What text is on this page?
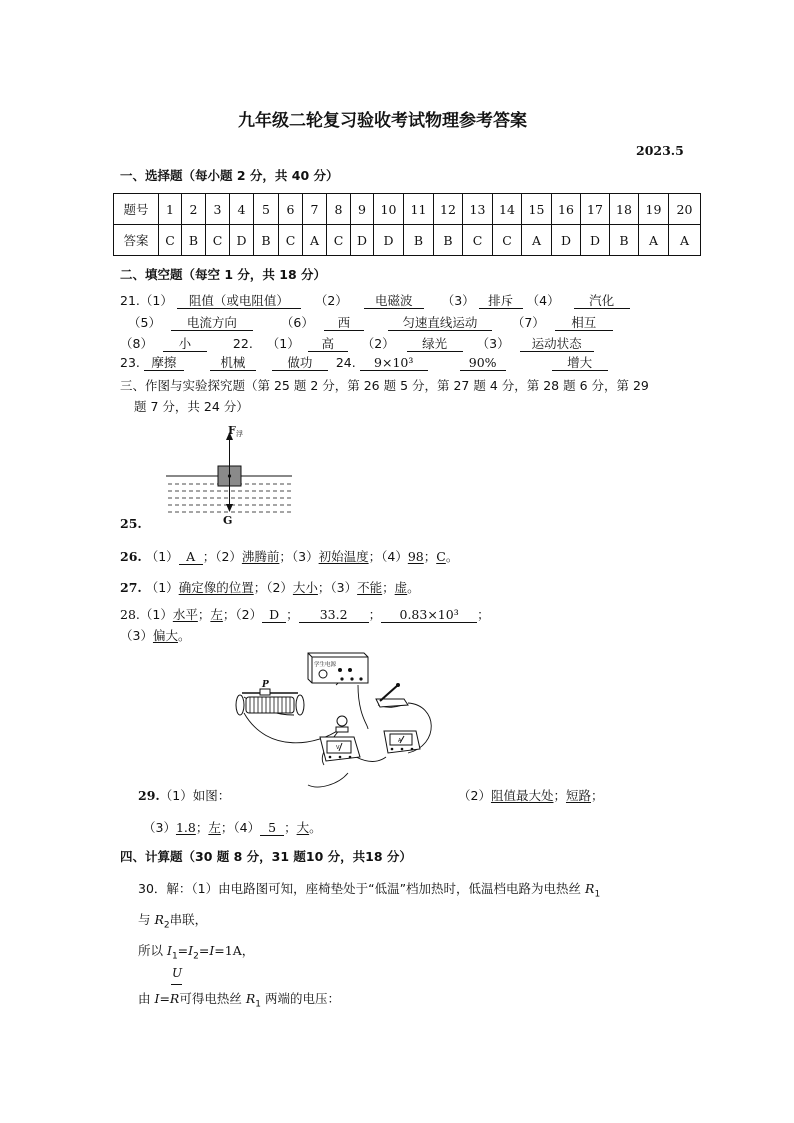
九年级二轮复习验收考试物理参考答案
2023.5
一、选择题（每小题 2 分，共 40 分）
题号	1	2	3	4	5	6	7	8	9	10	11	12	13	14	15	16	17	18	19	20
答案	C	B	C	D	B	C	A	C	D	D	B	B	C	C	A	D	D	B	A	A
二、填空题（每空 1 分，共 18 分）
21.（1） 阻值（或电阻值） （2） 电磁波 （3） 排斥 （4） 汽化
（5） 电流方向	（6） 西	匀速直线运动	（7） 相互
（8） 小	22. （1） 高 （2） 绿光 （3） 运动状态
23. 摩擦	机械	做功 24. 9×10³	90%	增大
三、作图与实验探究题（第 25 题 2 分，第 26 题 5 分，第 27 题 4 分，第 28 题 6 分，第 29
题 7 分，共 24 分）
F 浮
G
25.
26. （1） A ；（2）沸腾前；（3）初始温度；（4）98；C。
27. （1）确定像的位置；（2）大小；（3）不能；虚。
28.（1）水平；左；（2） D ； 33.2 ； 0.83×10³ ；
（3）偏大。
学生电源
P
V
A
29.（1）如图：	（2）阻值最大处；短路；
（3）1.8；左；（4） 5 ；大。
四、计算题（30 题 8 分，31 题10 分，共18 分）
30．解：（1）由电路图可知，座椅垫处于“低温”档加热时，低温档电路为电热丝 $R_1$
与 $R_2$串联，
所以 $I_1=I_2=I=1A$，
U
由 I=R可得电热丝 $R_1$ 两端的电压：
